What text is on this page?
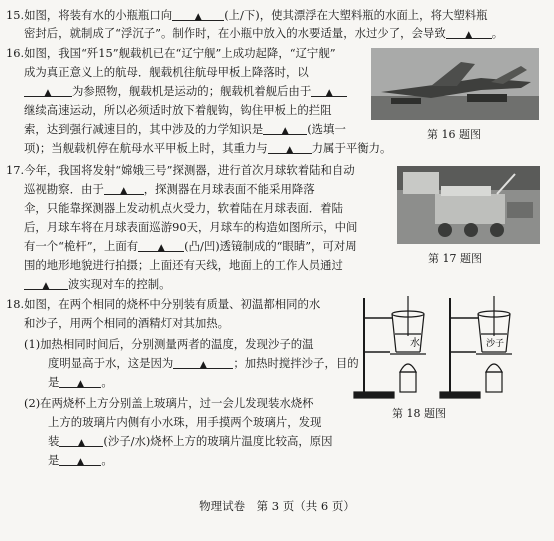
15.如图，将装有水的小瓶瓶口向	▲ (上/下)，使其漂浮在大塑料瓶的水面上，将大塑料瓶
密封后，就制成了“浮沉子”。制作时，在小瓶中放入的水要适量，水过少了，会导致 ▲ 。
16.如图，我国“歼15”舰载机已在“辽宁舰”上成功起降，“辽宁舰”
成为真正意义上的航母．舰载机往航母甲板上降落时，以
▲ 为参照物，舰载机是运动的；舰载机着舰后由于 ▲
继续高速运动，所以必须适时放下着舰钩，钩住甲板上的拦阻
索，达到强行减速目的，其中涉及的力学知识是 ▲ (选填一
项)；当舰载机停在航母水平甲板上时，其重力与 ▲ 力属于平衡力。
第 16 题图
17.今年，我国将发射“嫦娥三号”探测器，进行首次月球软着陆和自动
巡视勘察．由于 ▲ ，探测器在月球表面不能采用降落
伞，只能靠探测器上发动机点火受力，软着陆在月球表面．着陆
后，月球车将在月球表面巡游90天，月球车的构造如图所示，中间
有一个“桅杆”，上面有 ▲ (凸/凹)透镜制成的“眼睛”，可对周
围的地形地貌进行拍摄；上面还有天线，地面上的工作人员通过
▲ 波实现对车的控制。
第 17 题图
18.如图，在两个相同的烧杯中分别装有质量、初温都相同的水
和沙子，用两个相同的酒精灯对其加热。
(1)加热相同时间后，分别测量两者的温度，发现沙子的温
度明显高于水，这是因为	▲ ；加热时搅拌沙子，目的
是 ▲ 。
(2)在两烧杯上方分别盖上玻璃片，过一会儿发现装水烧杯
上方的玻璃片内侧有小水珠，用手摸两个玻璃片，发现
装 ▲ (沙子/水)烧杯上方的玻璃片温度比较高，原因
是 ▲ 。
水	沙子
第 18 题图
物理试卷　第 3 页（共 6 页）
